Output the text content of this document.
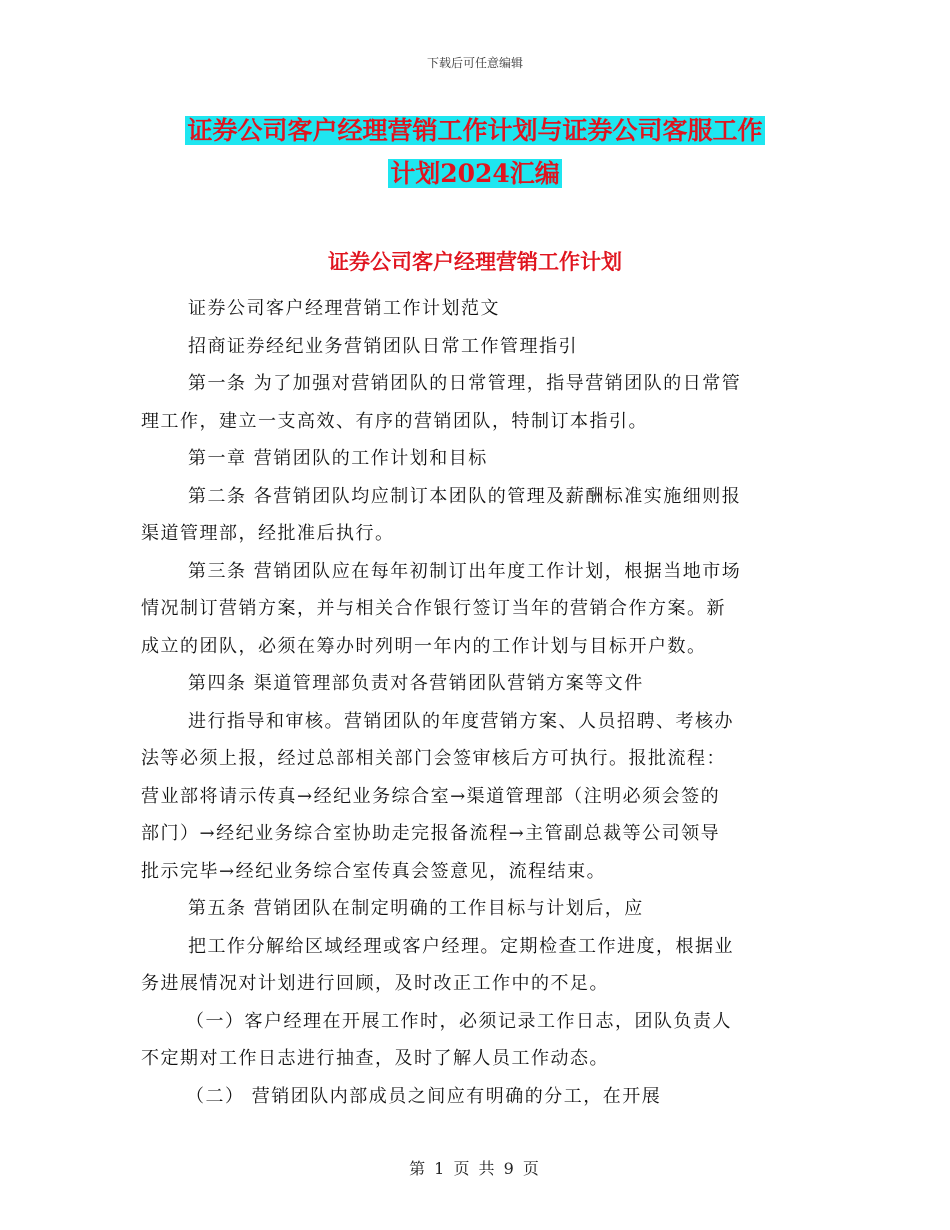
下载后可任意编辑
证券公司客户经理营销工作计划与证券公司客服工作
计划2024汇编
证券公司客户经理营销工作计划
证券公司客户经理营销工作计划范文
招商证券经纪业务营销团队日常工作管理指引
第一条 为了加强对营销团队的日常管理，指导营销团队的日常管
理工作，建立一支高效、有序的营销团队，特制订本指引。
第一章 营销团队的工作计划和目标
第二条 各营销团队均应制订本团队的管理及薪酬标准实施细则报
渠道管理部，经批准后执行。
第三条 营销团队应在每年初制订出年度工作计划，根据当地市场
情况制订营销方案，并与相关合作银行签订当年的营销合作方案。新
成立的团队，必须在筹办时列明一年内的工作计划与目标开户数。
第四条 渠道管理部负责对各营销团队营销方案等文件
进行指导和审核。营销团队的年度营销方案、人员招聘、考核办
法等必须上报，经过总部相关部门会签审核后方可执行。报批流程：
营业部将请示传真→经纪业务综合室→渠道管理部（注明必须会签的
部门）→经纪业务综合室协助走完报备流程→主管副总裁等公司领导
批示完毕→经纪业务综合室传真会签意见，流程结束。
第五条 营销团队在制定明确的工作目标与计划后，应
把工作分解给区域经理或客户经理。定期检查工作进度，根据业
务进展情况对计划进行回顾，及时改正工作中的不足。
（一）客户经理在开展工作时，必须记录工作日志，团队负责人
不定期对工作日志进行抽查，及时了解人员工作动态。
（二） 营销团队内部成员之间应有明确的分工，在开展
第 1 页 共 9 页
